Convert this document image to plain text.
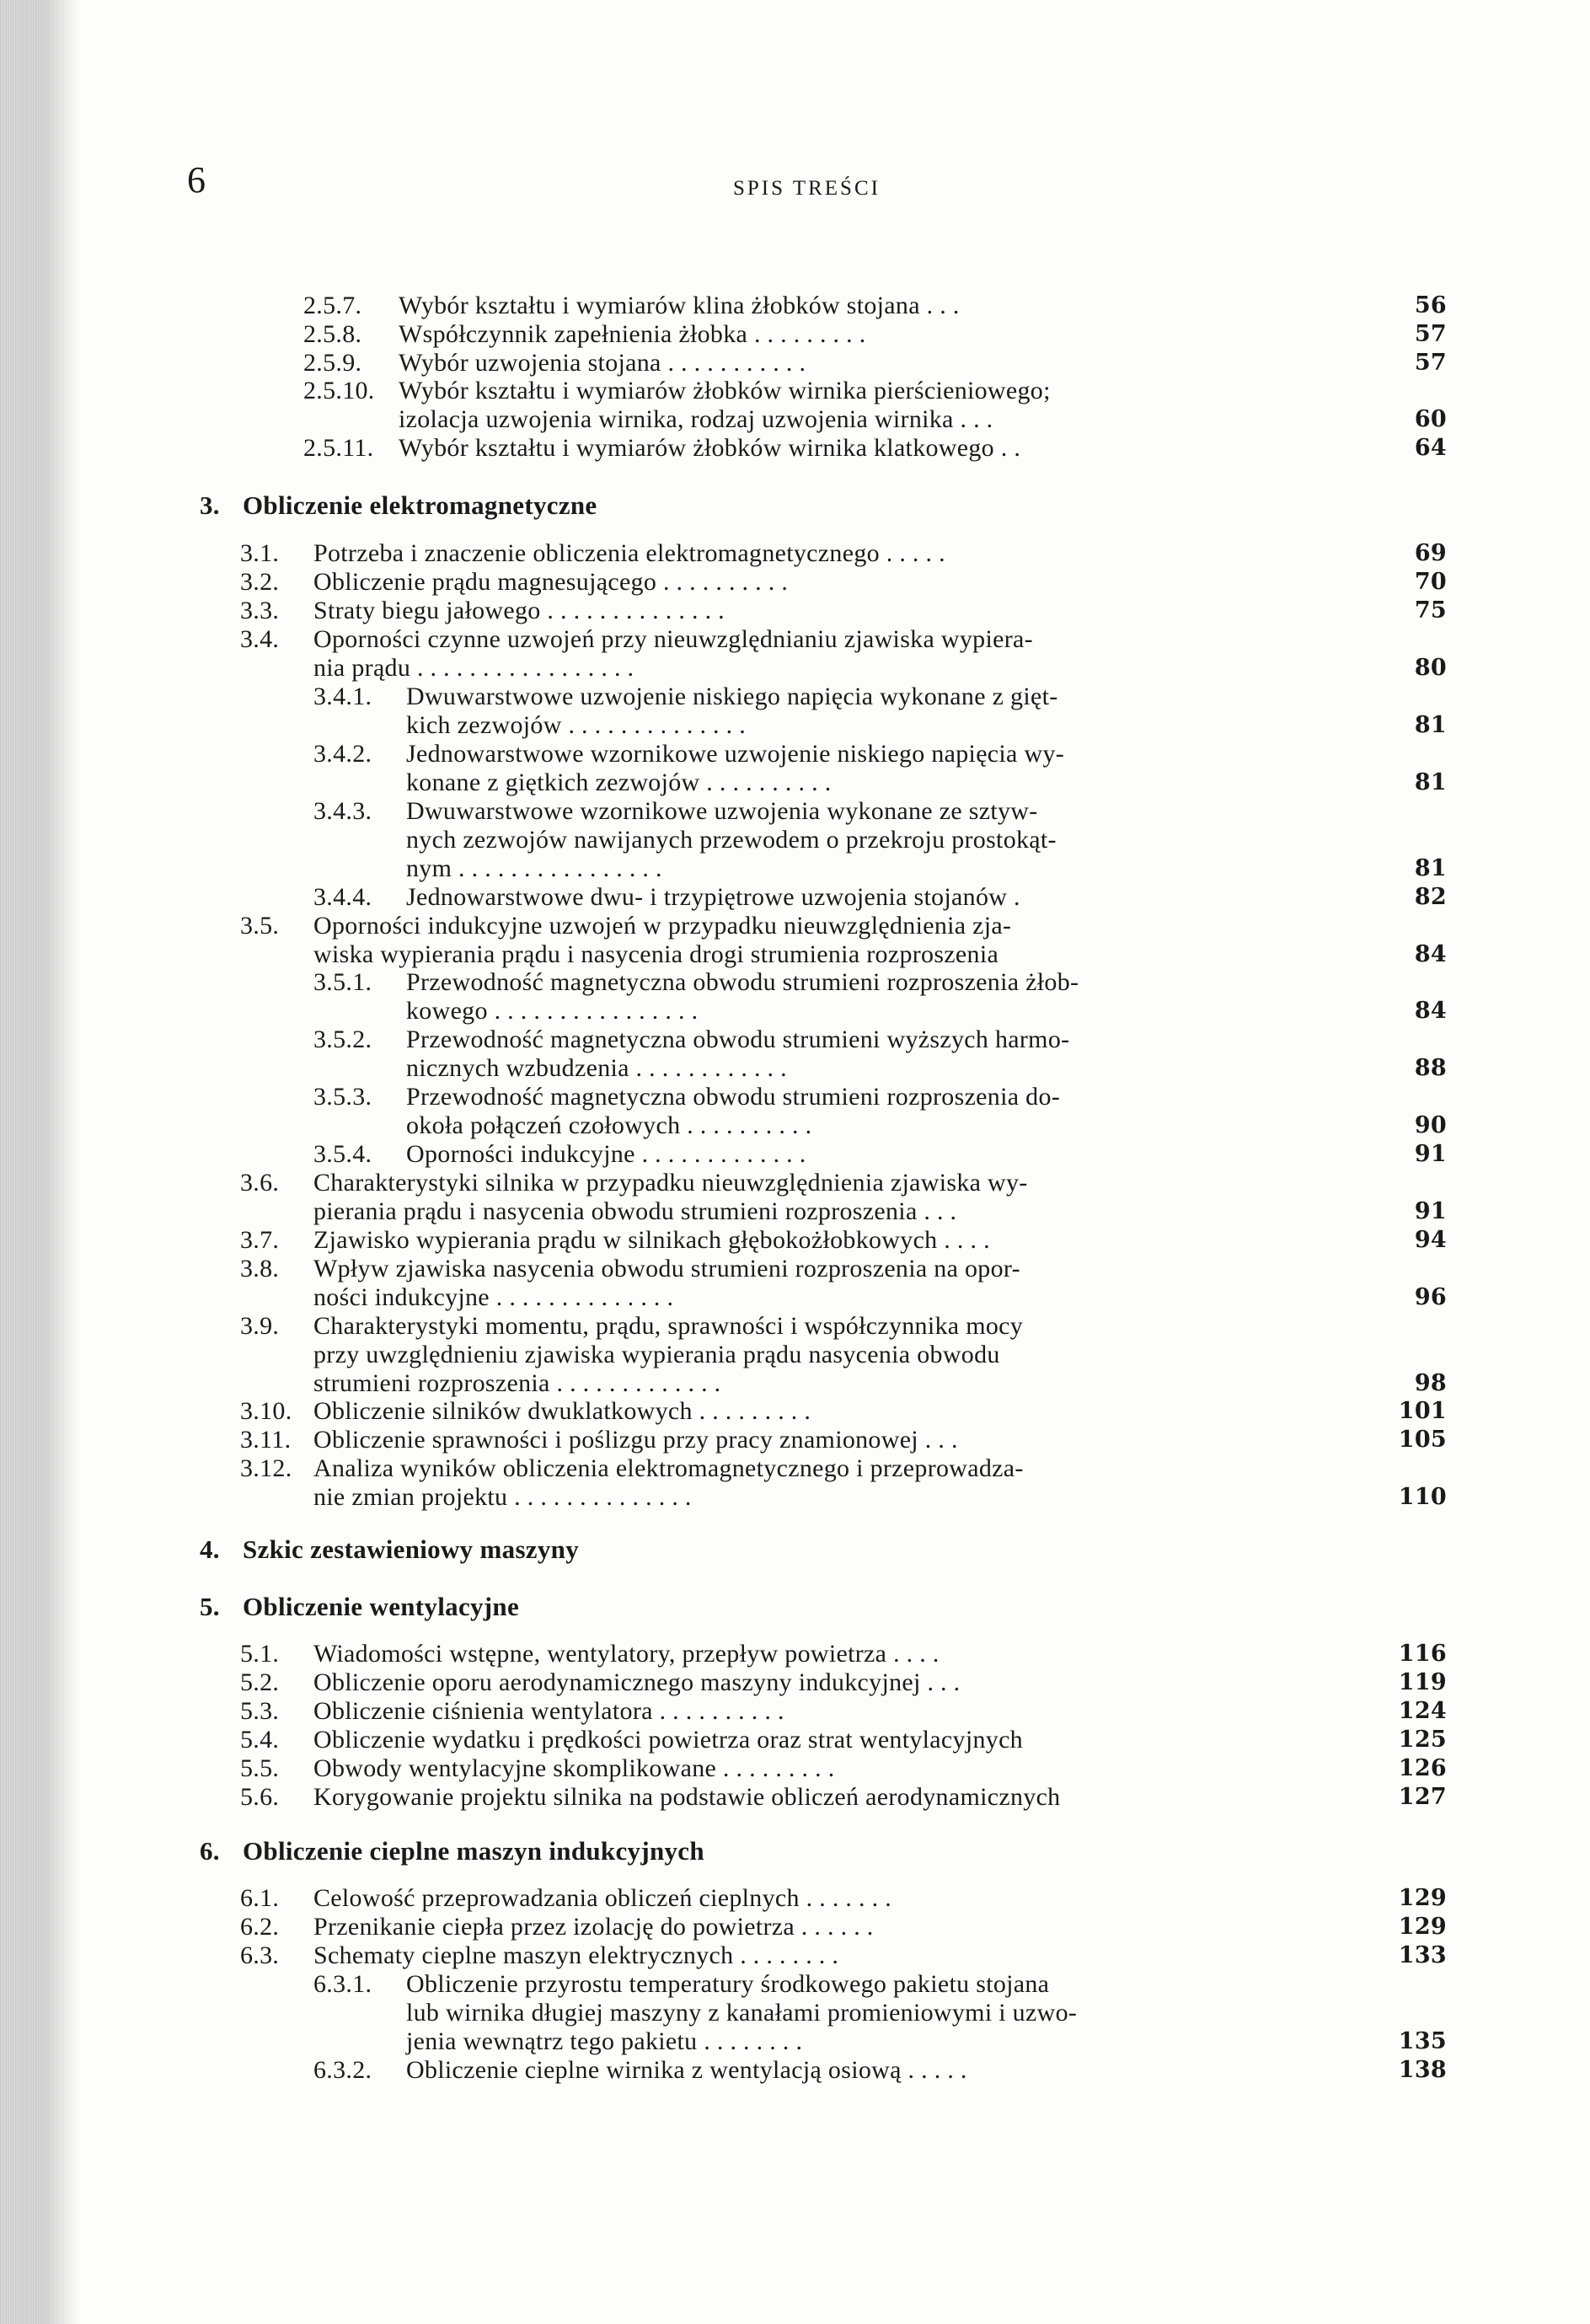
6	SPIS TREŚCI
2.5.7. Wybór kształtu i wymiarów klina żłobków stojana . . .	56
2.5.8. Współczynnik zapełnienia żłobka . . . . . . . . .	57
2.5.9. Wybór uzwojenia stojana . . . . . . . . . . .	57
2.5.10. Wybór kształtu i wymiarów żłobków wirnika pierścieniowego;
izolacja uzwojenia wirnika, rodzaj uzwojenia wirnika . . .	60
2.5.11. Wybór kształtu i wymiarów żłobków wirnika klatkowego . .	64
3. Obliczenie elektromagnetyczne
3.1. Potrzeba i znaczenie obliczenia elektromagnetycznego . . . . .	69
3.2. Obliczenie prądu magnesującego . . . . . . . . . .	70
3.3. Straty biegu jałowego . . . . . . . . . . . . . .	75
3.4. Oporności czynne uzwojeń przy nieuwzględnianiu zjawiska wypiera-
nia prądu . . . . . . . . . . . . . . . . .	80
3.4.1. Dwuwarstwowe uzwojenie niskiego napięcia wykonane z gięt-
kich zezwojów . . . . . . . . . . . . . .	81
3.4.2. Jednowarstwowe wzornikowe uzwojenie niskiego napięcia wy-
konane z giętkich zezwojów . . . . . . . . . .	81
3.4.3. Dwuwarstwowe wzornikowe uzwojenia wykonane ze sztyw-
nych zezwojów nawijanych przewodem o przekroju prostokąt-
nym . . . . . . . . . . . . . . . .	81
3.4.4. Jednowarstwowe dwu- i trzypiętrowe uzwojenia stojanów .	82
3.5. Oporności indukcyjne uzwojeń w przypadku nieuwzględnienia zja-
wiska wypierania prądu i nasycenia drogi strumienia rozproszenia	84
3.5.1. Przewodność magnetyczna obwodu strumieni rozproszenia żłob-
kowego . . . . . . . . . . . . . . . .	84
3.5.2. Przewodność magnetyczna obwodu strumieni wyższych harmo-
nicznych wzbudzenia . . . . . . . . . . . .	88
3.5.3. Przewodność magnetyczna obwodu strumieni rozproszenia do-
okoła połączeń czołowych . . . . . . . . . .	90
3.5.4. Oporności indukcyjne . . . . . . . . . . . . .	91
3.6. Charakterystyki silnika w przypadku nieuwzględnienia zjawiska wy-
pierania prądu i nasycenia obwodu strumieni rozproszenia . . .	91
3.7. Zjawisko wypierania prądu w silnikach głębokożłobkowych . . . .	94
3.8. Wpływ zjawiska nasycenia obwodu strumieni rozproszenia na opor-
ności indukcyjne . . . . . . . . . . . . . .	96
3.9. Charakterystyki momentu, prądu, sprawności i współczynnika mocy
przy uwzględnieniu zjawiska wypierania prądu nasycenia obwodu
strumieni rozproszenia . . . . . . . . . . . . .	98
3.10. Obliczenie silników dwuklatkowych . . . . . . . . .	101
3.11. Obliczenie sprawności i poślizgu przy pracy znamionowej . . .	105
3.12. Analiza wyników obliczenia elektromagnetycznego i przeprowadza-
nie zmian projektu . . . . . . . . . . . . . .	110
4. Szkic zestawieniowy maszyny
5. Obliczenie wentylacyjne
5.1. Wiadomości wstępne, wentylatory, przepływ powietrza . . . .	116
5.2. Obliczenie oporu aerodynamicznego maszyny indukcyjnej . . .	119
5.3. Obliczenie ciśnienia wentylatora . . . . . . . . . .	124
5.4. Obliczenie wydatku i prędkości powietrza oraz strat wentylacyjnych	125
5.5. Obwody wentylacyjne skomplikowane . . . . . . . . .	126
5.6. Korygowanie projektu silnika na podstawie obliczeń aerodynamicznych	127
6. Obliczenie cieplne maszyn indukcyjnych
6.1. Celowość przeprowadzania obliczeń cieplnych . . . . . . .	129
6.2. Przenikanie ciepła przez izolację do powietrza . . . . . .	129
6.3. Schematy cieplne maszyn elektrycznych . . . . . . . .	133
6.3.1. Obliczenie przyrostu temperatury środkowego pakietu stojana
lub wirnika długiej maszyny z kanałami promieniowymi i uzwo-
jenia wewnątrz tego pakietu . . . . . . . .	135
6.3.2. Obliczenie cieplne wirnika z wentylacją osiową . . . . .	138
